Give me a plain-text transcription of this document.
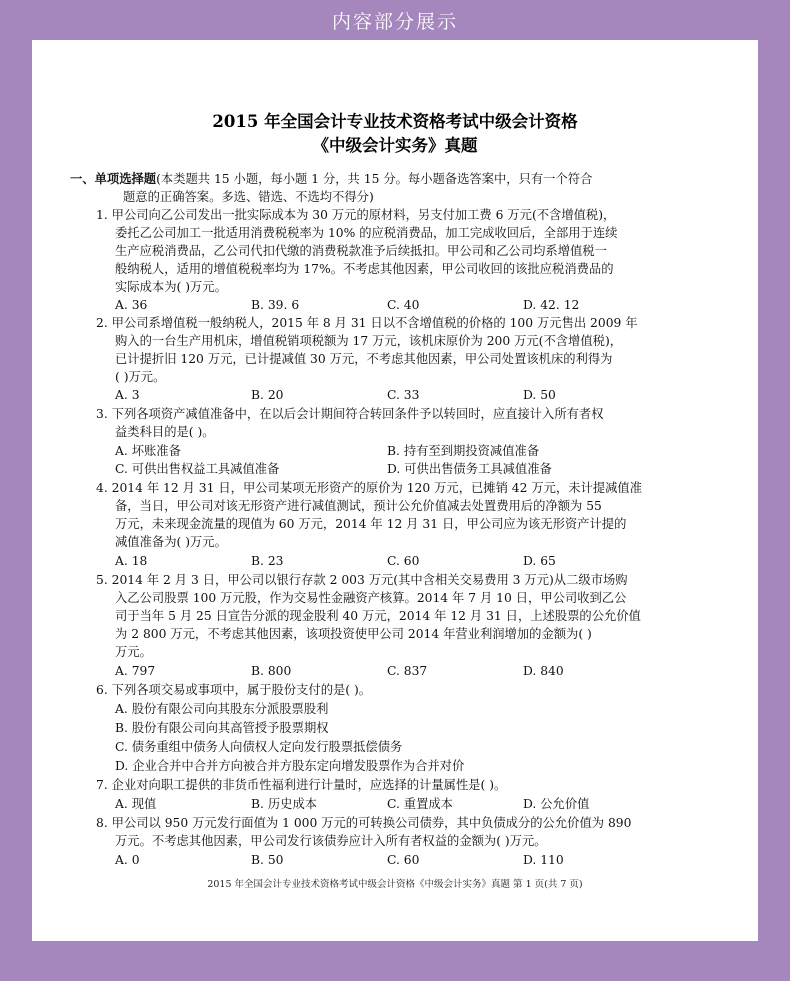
内容部分展示
2015 年全国会计专业技术资格考试中级会计资格
《中级会计实务》真题
一、单项选择题(本类题共 15 小题，每小题 1 分，共 15 分。每小题备选答案中，只有一个符合
题意的正确答案。多选、错选、不选均不得分)
1. 甲公司向乙公司发出一批实际成本为 30 万元的原材料，另支付加工费 6 万元(不含增值税)，
委托乙公司加工一批适用消费税税率为 10% 的应税消费品，加工完成收回后，全部用于连续
生产应税消费品，乙公司代扣代缴的消费税款准予后续抵扣。甲公司和乙公司均系增值税一
般纳税人，适用的增值税税率均为 17%。不考虑其他因素，甲公司收回的该批应税消费品的
实际成本为( )万元。
A. 36	B. 39. 6	C. 40	D. 42. 12
2. 甲公司系增值税一般纳税人，2015 年 8 月 31 日以不含增值税的价格的 100 万元售出 2009 年
购入的一台生产用机床，增值税销项税额为 17 万元，该机床原价为 200 万元(不含增值税)，
已计提折旧 120 万元，已计提减值 30 万元，不考虑其他因素，甲公司处置该机床的利得为
( )万元。
A. 3	B. 20	C. 33	D. 50
3. 下列各项资产减值准备中，在以后会计期间符合转回条件予以转回时，应直接计入所有者权
益类科目的是( )。
A. 坏账准备	B. 持有至到期投资减值准备
C. 可供出售权益工具减值准备	D. 可供出售债务工具减值准备
4. 2014 年 12 月 31 日，甲公司某项无形资产的原价为 120 万元，已摊销 42 万元，未计提减值准
备，当日，甲公司对该无形资产进行减值测试，预计公允价值减去处置费用后的净额为 55
万元，未来现金流量的现值为 60 万元，2014 年 12 月 31 日，甲公司应为该无形资产计提的
减值准备为( )万元。
A. 18	B. 23	C. 60	D. 65
5. 2014 年 2 月 3 日，甲公司以银行存款 2 003 万元(其中含相关交易费用 3 万元)从二级市场购
入乙公司股票 100 万元股，作为交易性金融资产核算。2014 年 7 月 10 日，甲公司收到乙公
司于当年 5 月 25 日宣告分派的现金股利 40 万元，2014 年 12 月 31 日，上述股票的公允价值
为 2 800 万元，不考虑其他因素，该项投资使甲公司 2014 年营业利润增加的金额为( )
万元。
A. 797	B. 800	C. 837	D. 840
6. 下列各项交易或事项中，属于股份支付的是( )。
A. 股份有限公司向其股东分派股票股利
B. 股份有限公司向其高管授予股票期权
C. 债务重组中债务人向债权人定向发行股票抵偿债务
D. 企业合并中合并方向被合并方股东定向增发股票作为合并对价
7. 企业对向职工提供的非货币性福利进行计量时，应选择的计量属性是( )。
A. 现值	B. 历史成本	C. 重置成本	D. 公允价值
8. 甲公司以 950 万元发行面值为 1 000 万元的可转换公司债券，其中负债成分的公允价值为 890
万元。不考虑其他因素，甲公司发行该债券应计入所有者权益的金额为( )万元。
A. 0	B. 50	C. 60	D. 110
2015 年全国会计专业技术资格考试中级会计资格《中级会计实务》真题 第 1 页(共 7 页)
